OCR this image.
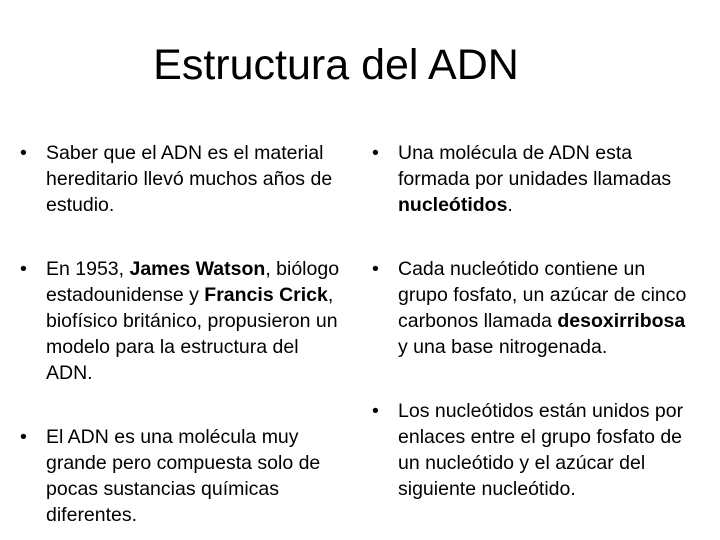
Estructura del ADN
• Saber que el ADN es el material hereditario llevó muchos años de estudio.
• En 1953, James Watson, biólogo estadounidense y Francis Crick, biofísico británico, propusieron un modelo para la estructura del ADN.
• El ADN es una molécula muy grande pero compuesta solo de pocas sustancias químicas diferentes.
• Una molécula de ADN esta formada por unidades llamadas nucleótidos.
• Cada nucleótido contiene un grupo fosfato, un azúcar de cinco carbonos llamada desoxirribosa y una base nitrogenada.
• Los nucleótidos están unidos por enlaces entre el grupo fosfato de un nucleótido y el azúcar del siguiente nucleótido.
